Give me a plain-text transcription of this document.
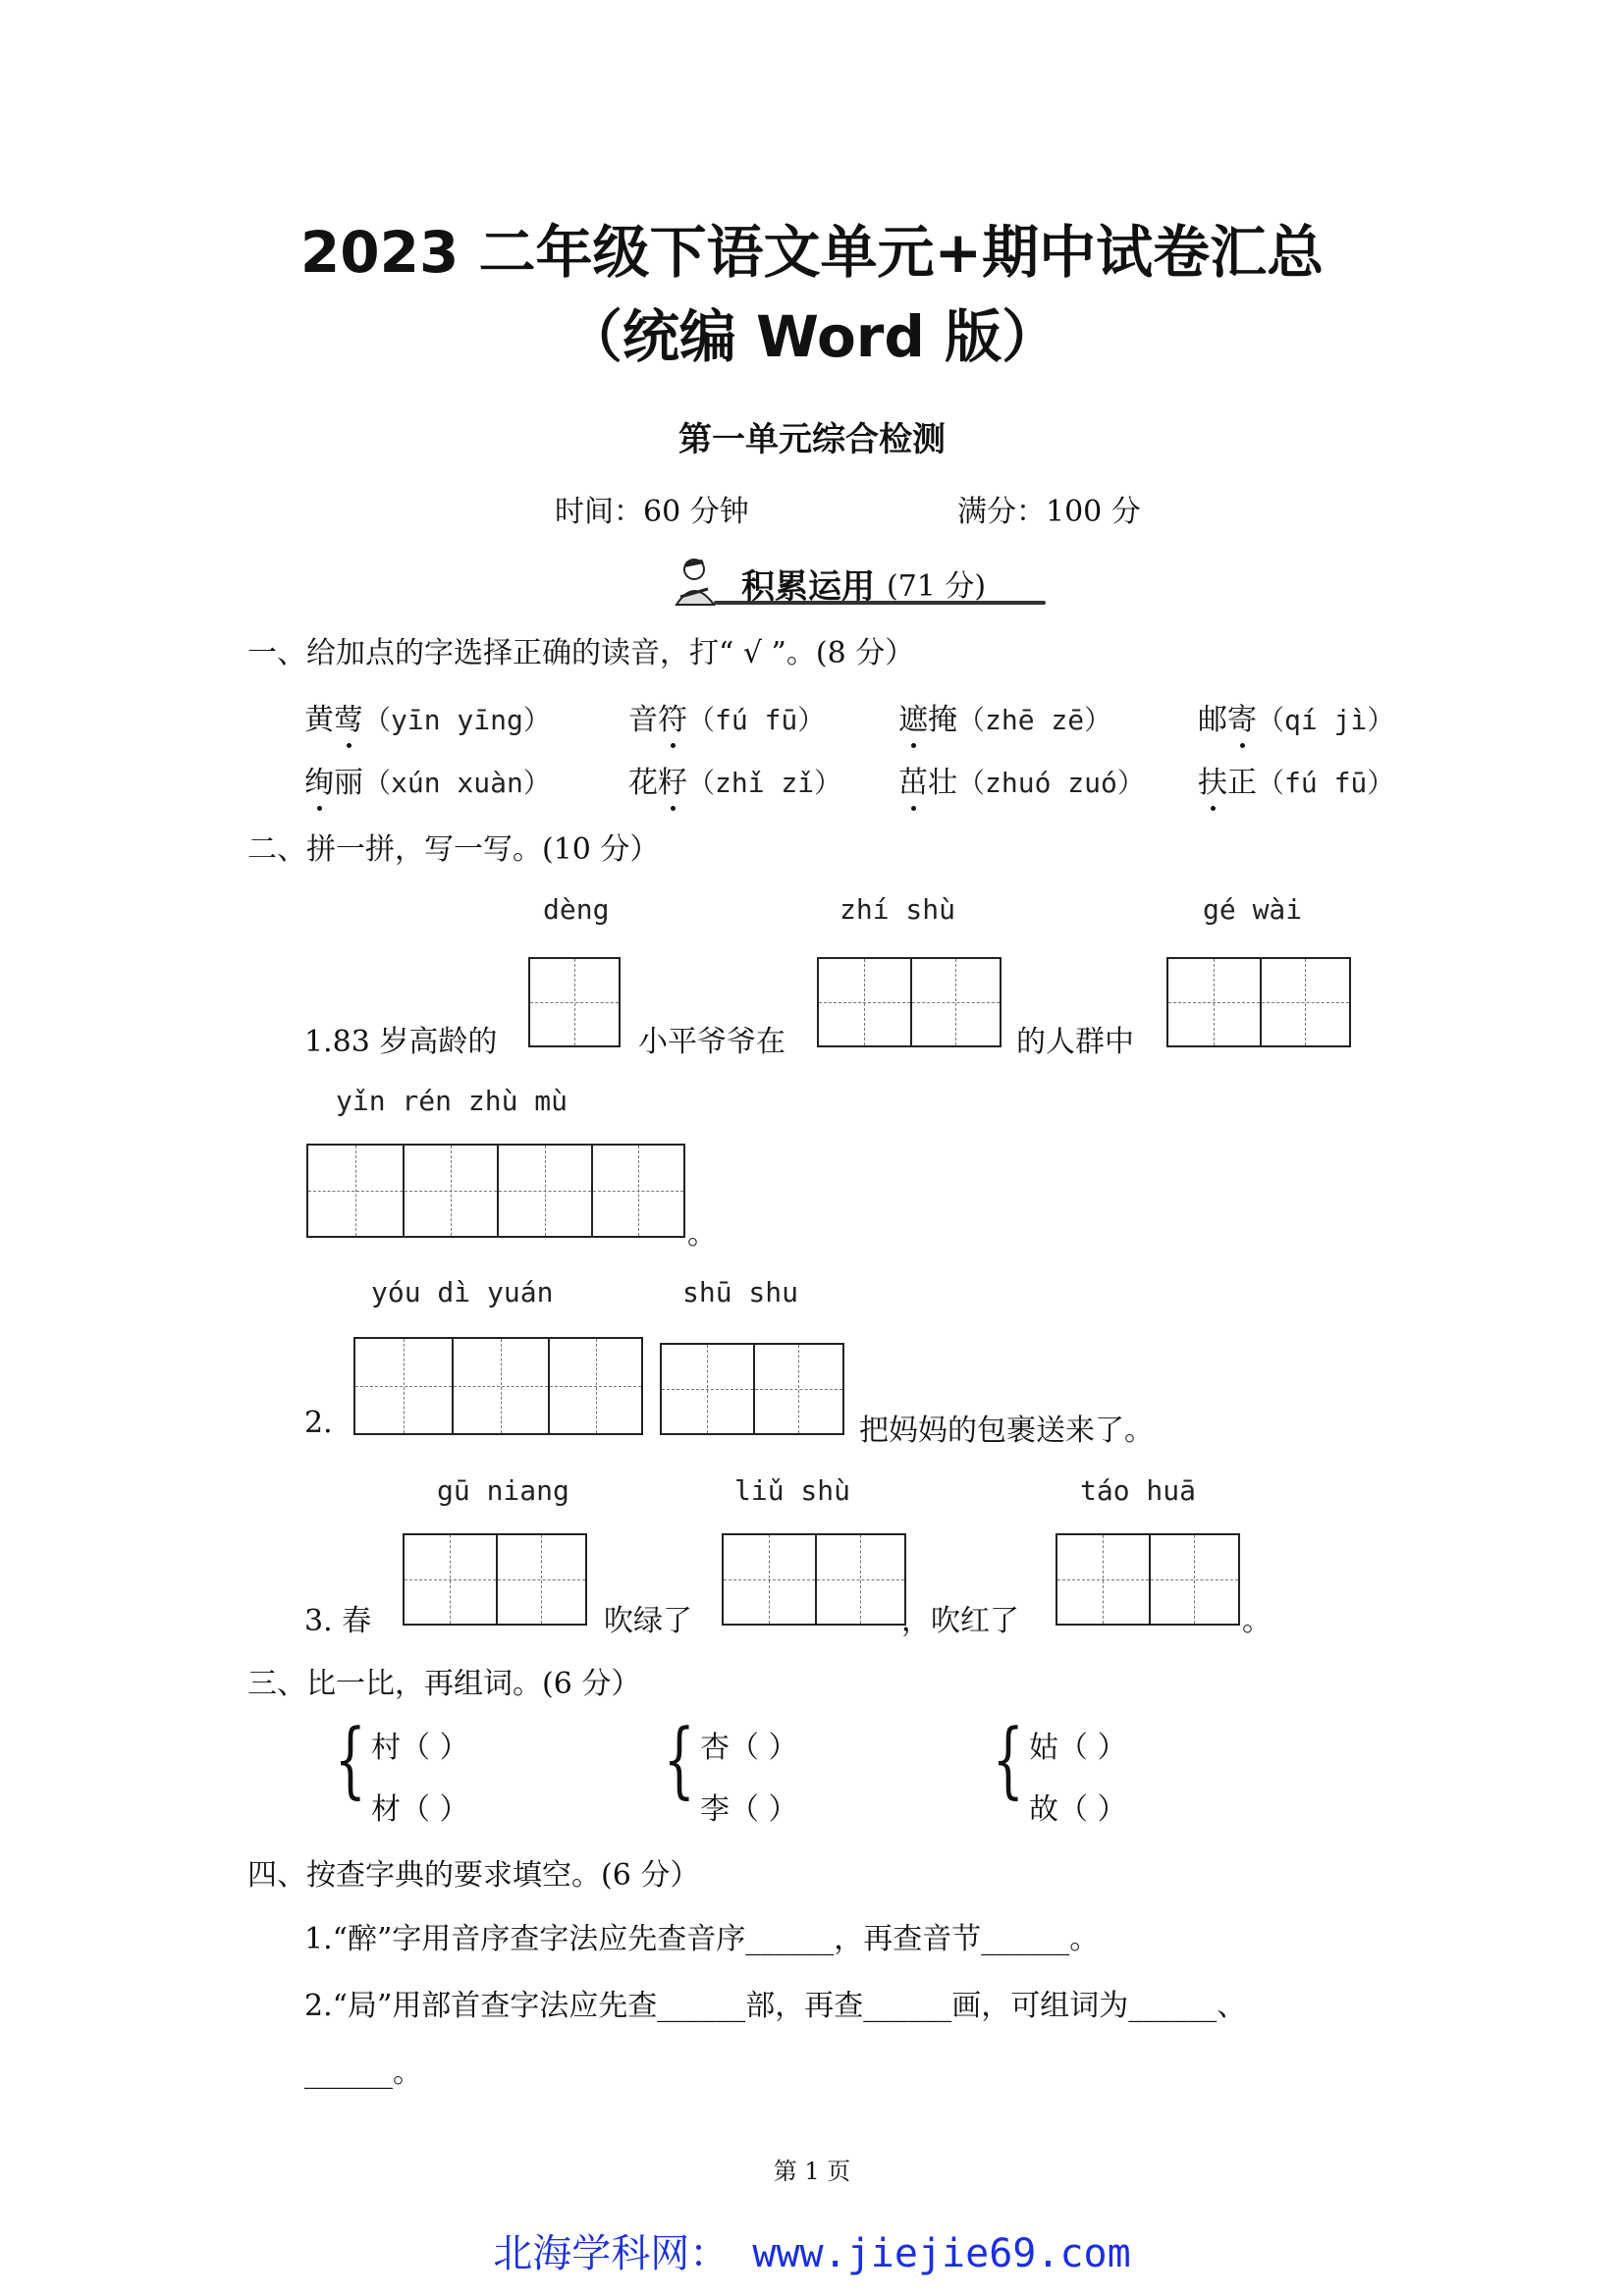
2023 二年级下语文单元+期中试卷汇总
（统编 Word 版）
第一单元综合检测
时间：60 分钟	满分：100 分
积累运用 (71 分)
一、给加点的字选择正确的读音，打“ √ ”。(8 分）
黄莺（yīn yīng）	音符（fú fū） 遮掩（zhē zē）	邮寄（qí jì）
绚丽（xún xuàn）	花籽（zhǐ zǐ） 茁壮（zhuó zuó） 扶正（fú fū）
二、拼一拼，写一写。(10 分）
dèng	zhí shù	gé wài
1.83 岁高龄的	小平爷爷在	的人群中
yǐn rén zhù mù
。
yóu dì yuán	shū shu
2.	把妈妈的包裹送来了。
gū niang	liǔ shù	táo huā
3. 春	吹绿了	，吹红了	。
三、比一比，再组词。(6 分）
{ 村（ ）
材（ ）
{ 杏（ ）
李（ ）
{ 姑（ ）
故（ ）
四、按查字典的要求填空。(6 分）
1.“醉”字用音序查字法应先查音序______，再查音节______。
2.“局”用部首查字法应先查______部，再查______画，可组词为______、
______。
第 1 页
北海学科网： www.jiejie69.com
